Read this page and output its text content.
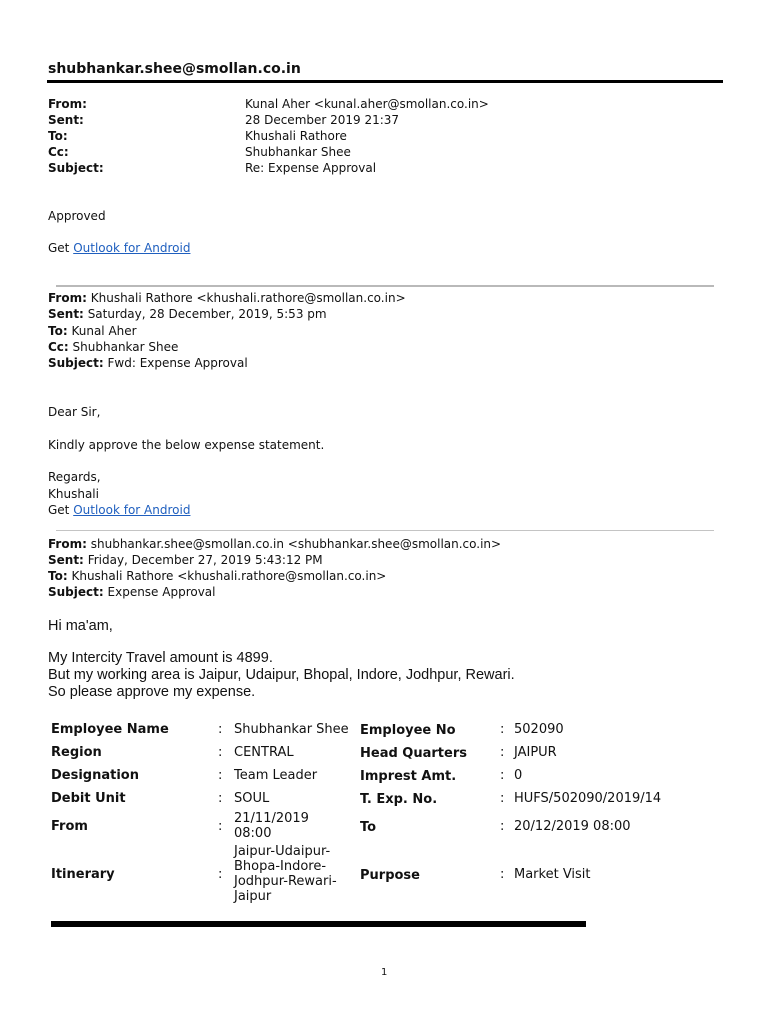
shubhankar.shee@smollan.co.in
From:	Kunal Aher <kunal.aher@smollan.co.in>
Sent:	28 December 2019 21:37
To:	Khushali Rathore
Cc:	Shubhankar Shee
Subject:	Re: Expense Approval
Approved
Get Outlook for Android
From: Khushali Rathore <khushali.rathore@smollan.co.in>
Sent: Saturday, 28 December, 2019, 5:53 pm
To: Kunal Aher
Cc: Shubhankar Shee
Subject: Fwd: Expense Approval
Dear Sir,
Kindly approve the below expense statement.
Regards,
Khushali
Get Outlook for Android
From: shubhankar.shee@smollan.co.in <shubhankar.shee@smollan.co.in>
Sent: Friday, December 27, 2019 5:43:12 PM
To: Khushali Rathore <khushali.rathore@smollan.co.in>
Subject: Expense Approval
Hi ma'am,
My Intercity Travel amount is 4899.
But my working area is Jaipur, Udaipur, Bhopal, Indore, Jodhpur, Rewari.
So please approve my expense.
Employee Name	: Shubhankar Shee Employee No	: 502090
Region	: CENTRAL	Head Quarters	: JAIPUR
Designation	: Team Leader	Imprest Amt.	: 0
Debit Unit	: SOUL	T. Exp. No.	: HUFS/502090/2019/14
From	:
21/11/2019
08:00	To	: 20/12/2019 08:00
Itinerary	:
Jaipur-Udaipur-
Bhopa-Indore-
Jodhpur-Rewari-
Jaipur
Purpose	: Market Visit
1
